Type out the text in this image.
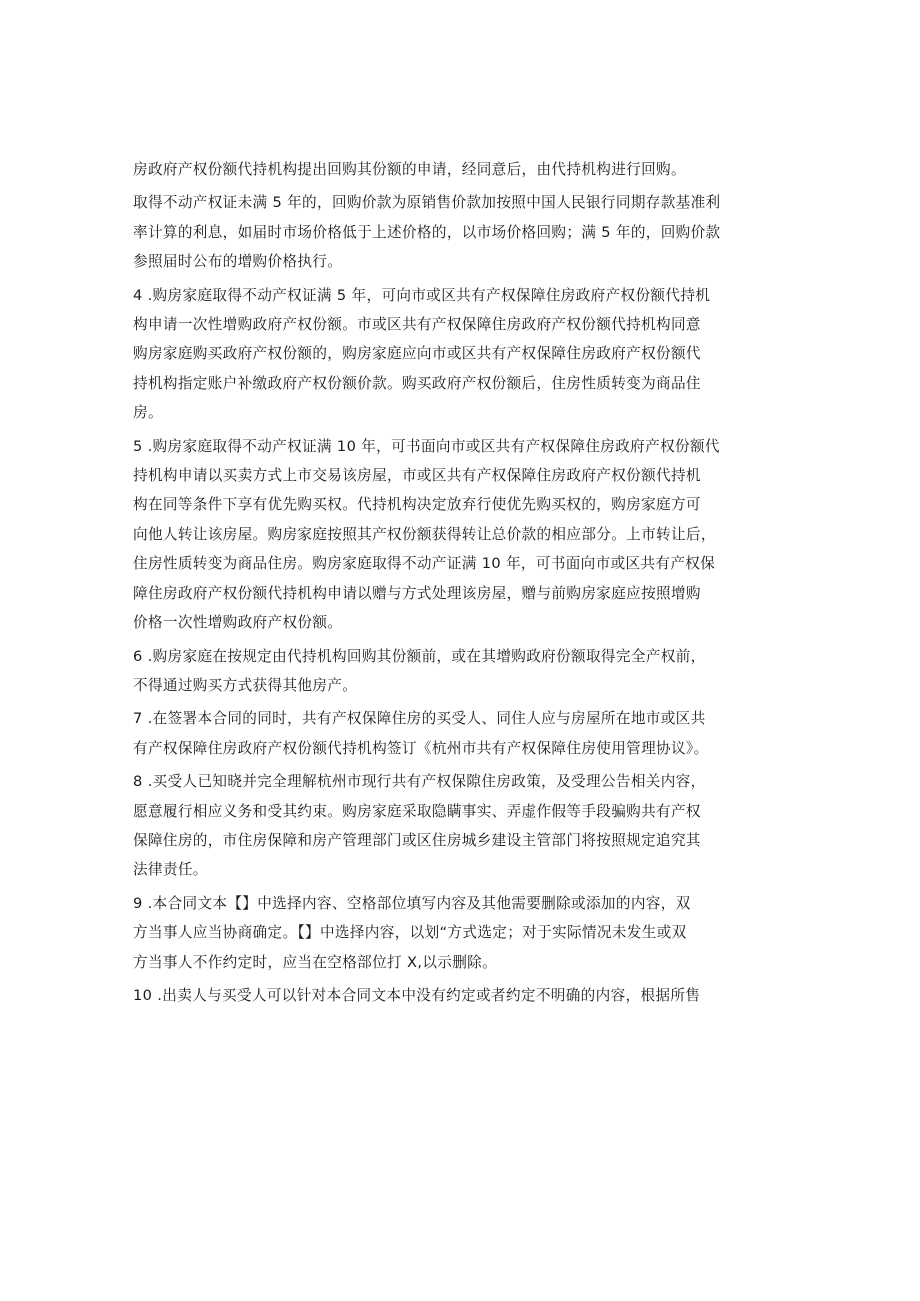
房政府产权份额代持机构提出回购其份额的申请，经同意后，由代持机构进行回购。

取得不动产权证未满 5 年的，回购价款为原销售价款加按照中国人民银行同期存款基准利
率计算的利息，如届时市场价格低于上述价格的，以市场价格回购；满 5 年的，回购价款
参照届时公布的增购价格执行。

4 .购房家庭取得不动产权证满 5 年，可向市或区共有产权保障住房政府产权份额代持机
构申请一次性增购政府产权份额。市或区共有产权保障住房政府产权份额代持机构同意
购房家庭购买政府产权份额的，购房家庭应向市或区共有产权保障住房政府产权份额代
持机构指定账户补缴政府产权份额价款。购买政府产权份额后，住房性质转变为商品住
房。

5 .购房家庭取得不动产权证满 10 年，可书面向市或区共有产权保障住房政府产权份额代
持机构申请以买卖方式上市交易该房屋，市或区共有产权保障住房政府产权份额代持机
构在同等条件下享有优先购买权。代持机构决定放弃行使优先购买权的，购房家庭方可
向他人转让该房屋。购房家庭按照其产权份额获得转让总价款的相应部分。上市转让后，
住房性质转变为商品住房。购房家庭取得不动产证满 10 年，可书面向市或区共有产权保
障住房政府产权份额代持机构申请以赠与方式处理该房屋，赠与前购房家庭应按照增购
价格一次性增购政府产权份额。

6 .购房家庭在按规定由代持机构回购其份额前，或在其增购政府份额取得完全产权前，
不得通过购买方式获得其他房产。

7 .在签署本合同的同时，共有产权保障住房的买受人、同住人应与房屋所在地市或区共
有产权保障住房政府产权份额代持机构签订《杭州市共有产权保障住房使用管理协议》。

8 .买受人已知晓并完全理解杭州市现行共有产权保隙住房政策，及受理公告相关内容，
愿意履行相应义务和受其约束。购房家庭采取隐瞒事实、弄虚作假等手段骗购共有产权
保障住房的，市住房保障和房产管理部门或区住房城乡建设主管部门将按照规定追究其
法律责任。

9 .本合同文本【】中选择内容、空格部位填写内容及其他需要删除或添加的内容，双
方当事人应当协商确定。【】中选择内容，以划“方式选定；对于实际情况未发生或双
方当事人不作约定时，应当在空格部位打 X,以示删除。

10 .出卖人与买受人可以针对本合同文本中没有约定或者约定不明确的内容，根据所售
